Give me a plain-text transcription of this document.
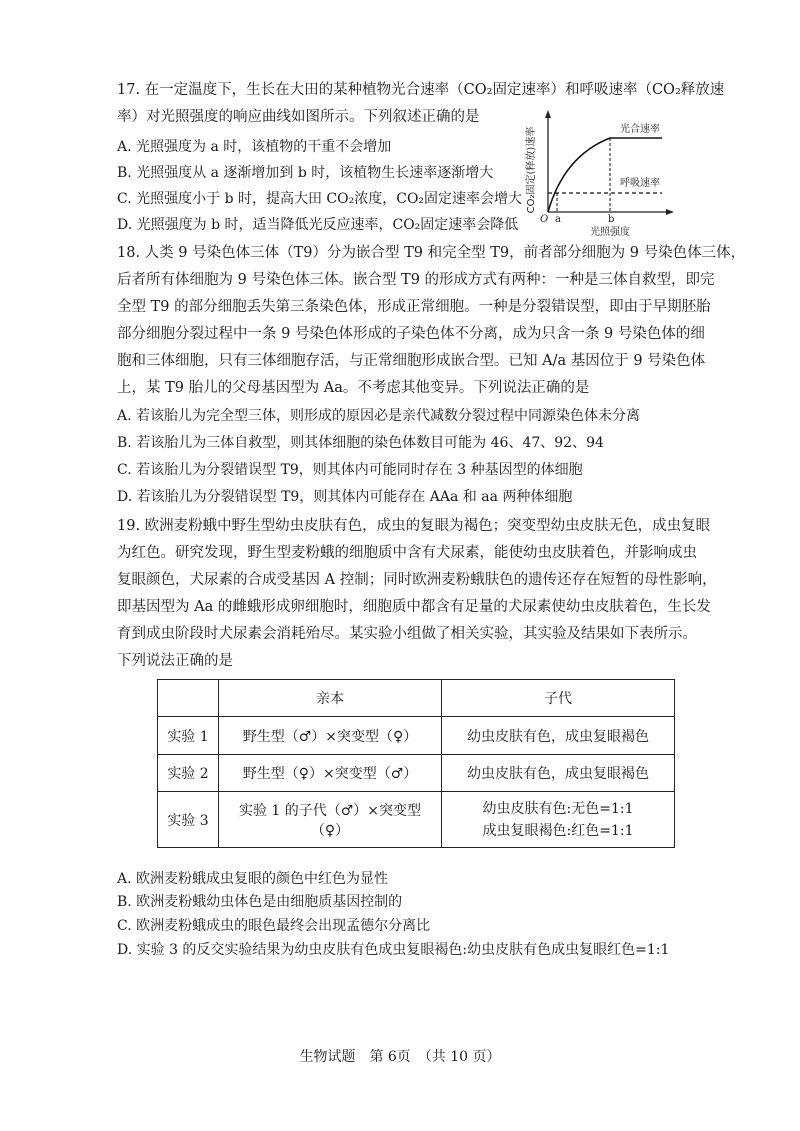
17. 在一定温度下，生长在大田的某种植物光合速率（CO₂固定速率）和呼吸速率（CO₂释放速
率）对光照强度的响应曲线如图所示。下列叙述正确的是
A. 光照强度为 a 时，该植物的干重不会增加
B. 光照强度从 a 逐渐增加到 b 时，该植物生长速率逐渐增大
C. 光照强度小于 b 时，提高大田 CO₂浓度，CO₂固定速率会增大
D. 光照强度为 b 时，适当降低光反应速率，CO₂固定速率会降低
CO₂固定(释放)速率	光合速率
呼吸速率
O a	b
光照强度
18. 人类 9 号染色体三体（T9）分为嵌合型 T9 和完全型 T9，前者部分细胞为 9 号染色体三体，
后者所有体细胞为 9 号染色体三体。嵌合型 T9 的形成方式有两种：一种是三体自救型，即完
全型 T9 的部分细胞丢失第三条染色体，形成正常细胞。一种是分裂错误型，即由于早期胚胎
部分细胞分裂过程中一条 9 号染色体形成的子染色体不分离，成为只含一条 9 号染色体的细
胞和三体细胞，只有三体细胞存活，与正常细胞形成嵌合型。已知 A/a 基因位于 9 号染色体
上，某 T9 胎儿的父母基因型为 Aa。不考虑其他变异。下列说法正确的是
A. 若该胎儿为完全型三体，则形成的原因必是亲代减数分裂过程中同源染色体未分离
B. 若该胎儿为三体自救型，则其体细胞的染色体数目可能为 46、47、92、94
C. 若该胎儿为分裂错误型 T9，则其体内可能同时存在 3 种基因型的体细胞
D. 若该胎儿为分裂错误型 T9，则其体内可能存在 AAa 和 aa 两种体细胞
19. 欧洲麦粉蛾中野生型幼虫皮肤有色，成虫的复眼为褐色；突变型幼虫皮肤无色，成虫复眼
为红色。研究发现，野生型麦粉蛾的细胞质中含有犬尿素，能使幼虫皮肤着色，并影响成虫
复眼颜色，犬尿素的合成受基因 A 控制；同时欧洲麦粉蛾肤色的遗传还存在短暂的母性影响，
即基因型为 Aa 的雌蛾形成卵细胞时，细胞质中都含有足量的犬尿素使幼虫皮肤着色，生长发
育到成虫阶段时犬尿素会消耗殆尽。某实验小组做了相关实验，其实验及结果如下表所示。
下列说法正确的是
	亲本	子代
实验 1	野生型（♂）×突变型（♀）	幼虫皮肤有色，成虫复眼褐色
实验 2	野生型（♀）×突变型（♂）	幼虫皮肤有色，成虫复眼褐色
实验 3	实验 1 的子代（♂）×突变型（♀）	幼虫皮肤有色:无色=1:1
成虫复眼褐色:红色=1:1
A. 欧洲麦粉蛾成虫复眼的颜色中红色为显性
B. 欧洲麦粉蛾幼虫体色是由细胞质基因控制的
C. 欧洲麦粉蛾成虫的眼色最终会出现孟德尔分离比
D. 实验 3 的反交实验结果为幼虫皮肤有色成虫复眼褐色:幼虫皮肤有色成虫复眼红色=1:1
生物试题　第 6页　（共 10 页）
